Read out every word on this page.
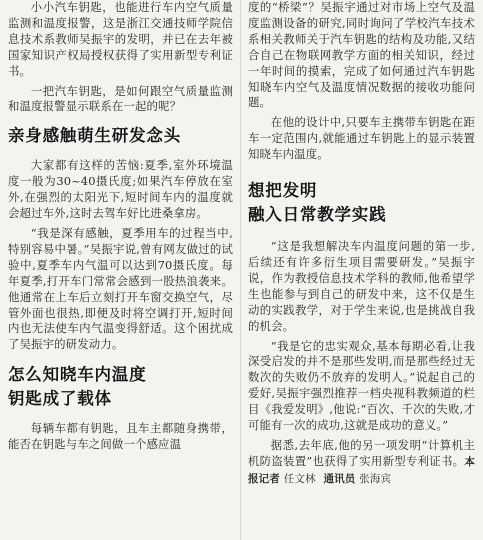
小小汽车钥匙，也能进行车内空气质量监测和温度报警，这是浙江交通技师学院信息技术系教师吴振宇的发明，并已在去年被国家知识产权局授权获得了实用新型专利证书。

一把汽车钥匙，是如何跟空气质量监测和温度报警显示联系在一起的呢？

亲身感触萌生研发念头

大家都有这样的苦恼:夏季,室外环境温度一般为30~40摄氏度;如果汽车停放在室外,在强烈的太阳光下,短时间车内的温度就会超过车外,这时去驾车好比进桑拿房。

“我是深有感触，夏季用车的过程当中,特别容易中暑。”吴振宇说,曾有网友做过的试验中,夏季车内气温可以达到70摄氏度。每年夏季,打开车门常常会感到一股热浪袭来。他通常在上车后立刻打开车窗交换空气，尽管外面也很热,即便及时将空调打开,短时间内也无法使车内气温变得舒适。这个困扰成了吴振宇的研发动力。

怎么知晓车内温度
钥匙成了载体

每辆车都有钥匙，且车主都随身携带，能否在钥匙与车之间做一个感应温

度的“桥梁”？吴振宇通过对市场上空气及温度监测设备的研究,同时询问了学校汽车技术系相关教师关于汽车钥匙的结构及功能,又结合自己在物联网教学方面的相关知识，经过一年时间的摸索，完成了如何通过汽车钥匙知晓车内空气及温度情况数据的接收功能问题。

在他的设计中,只要车主携带车钥匙在距车一定范围内,就能通过车钥匙上的显示装置知晓车内温度。

想把发明
融入日常教学实践

“这是我想解决车内温度问题的第一步,后续还有许多衍生项目需要研发。”吴振宇说，作为教授信息技术学科的教师,他希望学生也能参与到自己的研发中来，这不仅是生动的实践教学，对于学生来说,也是挑战自我的机会。

“我是它的忠实观众,基本每期必看,让我深受启发的并不是那些发明,而是那些经过无数次的失败仍不放弃的发明人。”说起自己的爱好,吴振宇强烈推荐一档央视科教频道的栏目《我爱发明》,他说:“百次、千次的失败,才可能有一次的成功,这就是成功的意义。”

据悉,去年底,他的另一项发明“计算机主机防盗装置”也获得了实用新型专利证书。本报记者 任文林 通讯员 张海宾
